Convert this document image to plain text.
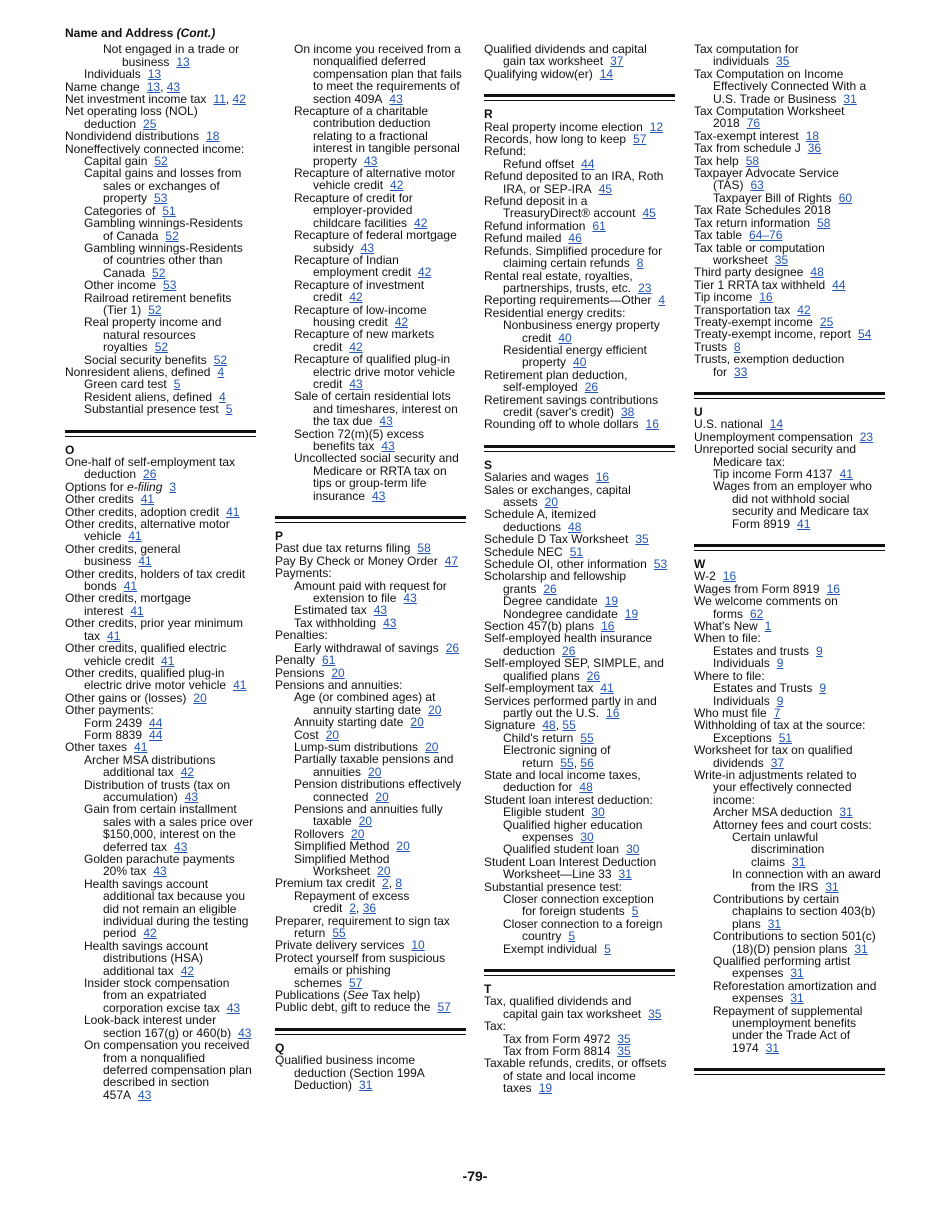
Name and Address (Cont.)
Not engaged in a trade or
business 13
Individuals 13
Name change 13, 43
Net investment income tax 11, 42
Net operating loss (NOL)
deduction 25
Nondividend distributions 18
Noneffectively connected income:
Capital gain 52
Capital gains and losses from
sales or exchanges of
property 53
Categories of 51
Gambling winnings-Residents
of Canada 52
Gambling winnings-Residents
of countries other than
Canada 52
Other income 53
Railroad retirement benefits
(Tier 1) 52
Real property income and
natural resources
royalties 52
Social security benefits 52
Nonresident aliens, defined 4
Green card test 5
Resident aliens, defined 4
Substantial presence test 5
O
One-half of self-employment tax
deduction 26
Options for e-filing 3
Other credits 41
Other credits, adoption credit 41
Other credits, alternative motor
vehicle 41
Other credits, general
business 41
Other credits, holders of tax credit
bonds 41
Other credits, mortgage
interest 41
Other credits, prior year minimum
tax 41
Other credits, qualified electric
vehicle credit 41
Other credits, qualified plug-in
electric drive motor vehicle 41
Other gains or (losses) 20
Other payments:
Form 2439 44
Form 8839 44
Other taxes 41
Archer MSA distributions
additional tax 42
Distribution of trusts (tax on
accumulation) 43
Gain from certain installment
sales with a sales price over
$150,000, interest on the
deferred tax 43
Golden parachute payments
20% tax 43
Health savings account
additional tax because you
did not remain an eligible
individual during the testing
period 42
Health savings account
distributions (HSA)
additional tax 42
Insider stock compensation
from an expatriated
corporation excise tax 43
Look-back interest under
section 167(g) or 460(b) 43
On compensation you received
from a nonqualified
deferred compensation plan
described in section
457A 43
On income you received from a
nonqualified deferred
compensation plan that fails
to meet the requirements of
section 409A 43
Recapture of a charitable
contribution deduction
relating to a fractional
interest in tangible personal
property 43
Recapture of alternative motor
vehicle credit 42
Recapture of credit for
employer-provided
childcare facilities 42
Recapture of federal mortgage
subsidy 43
Recapture of Indian
employment credit 42
Recapture of investment
credit 42
Recapture of low-income
housing credit 42
Recapture of new markets
credit 42
Recapture of qualified plug-in
electric drive motor vehicle
credit 43
Sale of certain residential lots
and timeshares, interest on
the tax due 43
Section 72(m)(5) excess
benefits tax 43
Uncollected social security and
Medicare or RRTA tax on
tips or group-term life
insurance 43
P
Past due tax returns filing 58
Pay By Check or Money Order 47
Payments:
Amount paid with request for
extension to file 43
Estimated tax 43
Tax withholding 43
Penalties:
Early withdrawal of savings 26
Penalty 61
Pensions 20
Pensions and annuities:
Age (or combined ages) at
annuity starting date 20
Annuity starting date 20
Cost 20
Lump-sum distributions 20
Partially taxable pensions and
annuities 20
Pension distributions effectively
connected 20
Pensions and annuities fully
taxable 20
Rollovers 20
Simplified Method 20
Simplified Method
Worksheet 20
Premium tax credit 2, 8
Repayment of excess
credit 2, 36
Preparer, requirement to sign tax
return 55
Private delivery services 10
Protect yourself from suspicious
emails or phishing
schemes 57
Publications (See Tax help)
Public debt, gift to reduce the 57
Q
Qualified business income
deduction (Section 199A
Deduction) 31
Qualified dividends and capital
gain tax worksheet 37
Qualifying widow(er) 14
R
Real property income election 12
Records, how long to keep 57
Refund:
Refund offset 44
Refund deposited to an IRA, Roth
IRA, or SEP-IRA 45
Refund deposit in a
TreasuryDirect® account 45
Refund information 61
Refund mailed 46
Refunds. Simplified procedure for
claiming certain refunds 8
Rental real estate, royalties,
partnerships, trusts, etc. 23
Reporting requirements—Other 4
Residential energy credits:
Nonbusiness energy property
credit 40
Residential energy efficient
property 40
Retirement plan deduction,
self-employed 26
Retirement savings contributions
credit (saver's credit) 38
Rounding off to whole dollars 16
S
Salaries and wages 16
Sales or exchanges, capital
assets 20
Schedule A, itemized
deductions 48
Schedule D Tax Worksheet 35
Schedule NEC 51
Schedule OI, other information 53
Scholarship and fellowship
grants 26
Degree candidate 19
Nondegree candidate 19
Section 457(b) plans 16
Self-employed health insurance
deduction 26
Self-employed SEP, SIMPLE, and
qualified plans 26
Self-employment tax 41
Services performed partly in and
partly out the U.S. 16
Signature 48, 55
Child's return 55
Electronic signing of
return 55, 56
State and local income taxes,
deduction for 48
Student loan interest deduction:
Eligible student 30
Qualified higher education
expenses 30
Qualified student loan 30
Student Loan Interest Deduction
Worksheet—Line 33 31
Substantial presence test:
Closer connection exception
for foreign students 5
Closer connection to a foreign
country 5
Exempt individual 5
T
Tax, qualified dividends and
capital gain tax worksheet 35
Tax:
Tax from Form 4972 35
Tax from Form 8814 35
Taxable refunds, credits, or offsets
of state and local income
taxes 19
Tax computation for
individuals 35
Tax Computation on Income
Effectively Connected With a
U.S. Trade or Business 31
Tax Computation Worksheet
2018 76
Tax-exempt interest 18
Tax from schedule J 36
Tax help 58
Taxpayer Advocate Service
(TAS) 63
Taxpayer Bill of Rights 60
Tax Rate Schedules 2018
Tax return information 58
Tax table 64–76
Tax table or computation
worksheet 35
Third party designee 48
Tier 1 RRTA tax withheld 44
Tip income 16
Transportation tax 42
Treaty-exempt income 25
Treaty-exempt income, report 54
Trusts 8
Trusts, exemption deduction
for 33
U
U.S. national 14
Unemployment compensation 23
Unreported social security and
Medicare tax:
Tip income Form 4137 41
Wages from an employer who
did not withhold social
security and Medicare tax
Form 8919 41
W
W-2 16
Wages from Form 8919 16
We welcome comments on
forms 62
What's New 1
When to file:
Estates and trusts 9
Individuals 9
Where to file:
Estates and Trusts 9
Individuals 9
Who must file 7
Withholding of tax at the source:
Exceptions 51
Worksheet for tax on qualified
dividends 37
Write-in adjustments related to
your effectively connected
income:
Archer MSA deduction 31
Attorney fees and court costs:
Certain unlawful
discrimination
claims 31
In connection with an award
from the IRS 31
Contributions by certain
chaplains to section 403(b)
plans 31
Contributions to section 501(c)
(18)(D) pension plans 31
Qualified performing artist
expenses 31
Reforestation amortization and
expenses 31
Repayment of supplemental
unemployment benefits
under the Trade Act of
1974 31
-79-
